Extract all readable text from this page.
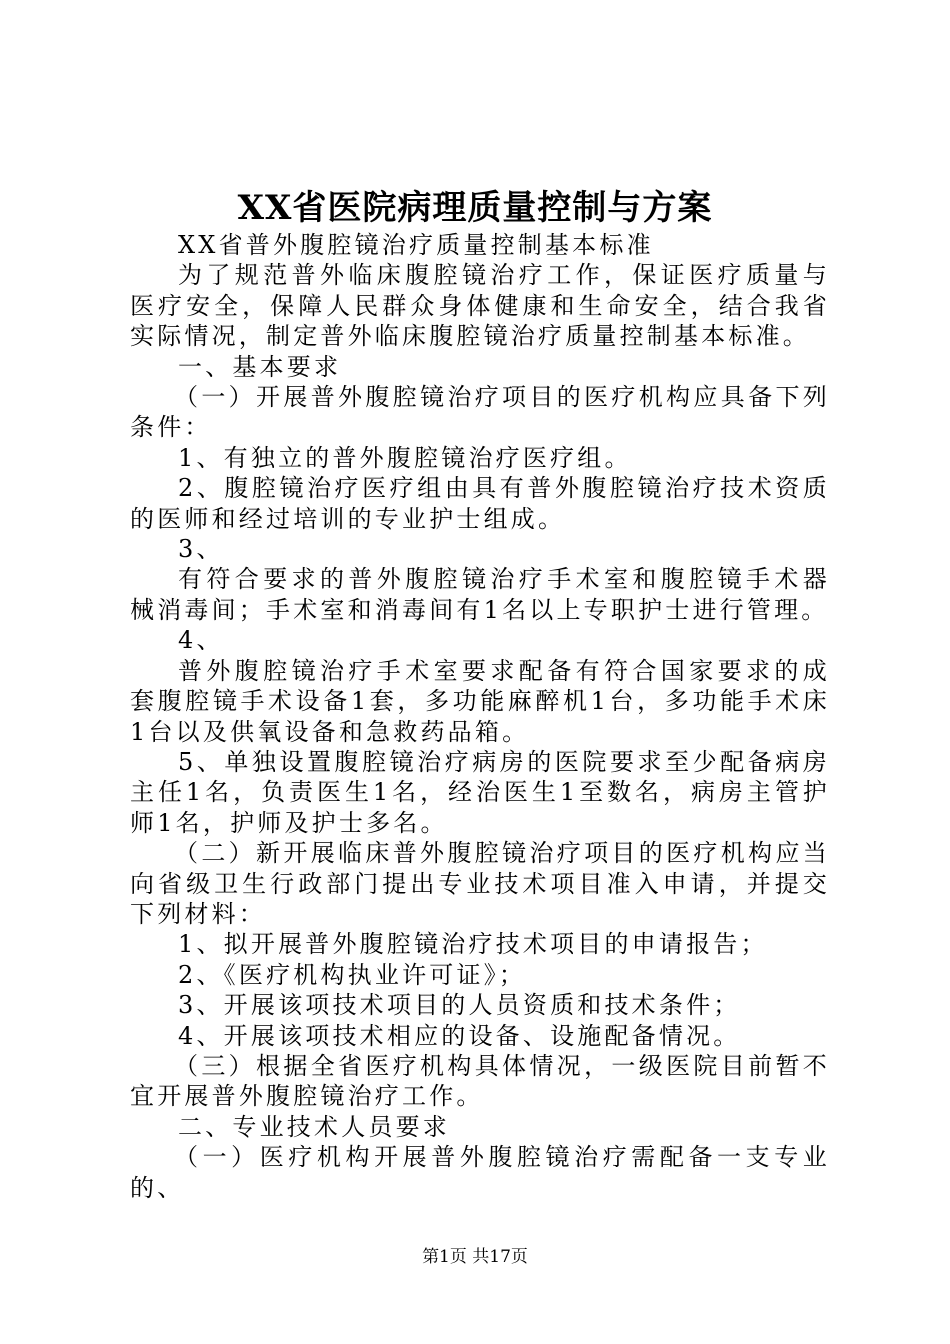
XX省医院病理质量控制与方案

XX省普外腹腔镜治疗质量控制基本标准

为了规范普外临床腹腔镜治疗工作，保证医疗质量与医疗安全，保障人民群众身体健康和生命安全，结合我省实际情况，制定普外临床腹腔镜治疗质量控制基本标准。

一、基本要求

（一）开展普外腹腔镜治疗项目的医疗机构应具备下列条件：

1、有独立的普外腹腔镜治疗医疗组。

2、腹腔镜治疗医疗组由具有普外腹腔镜治疗技术资质的医师和经过培训的专业护士组成。

3、

有符合要求的普外腹腔镜治疗手术室和腹腔镜手术器械消毒间；手术室和消毒间有1名以上专职护士进行管理。

4、

普外腹腔镜治疗手术室要求配备有符合国家要求的成套腹腔镜手术设备1套，多功能麻醉机1台，多功能手术床1台以及供氧设备和急救药品箱。

5、单独设置腹腔镜治疗病房的医院要求至少配备病房主任1名，负责医生1名，经治医生1至数名，病房主管护师1名，护师及护士多名。

（二）新开展临床普外腹腔镜治疗项目的医疗机构应当向省级卫生行政部门提出专业技术项目准入申请，并提交下列材料：

1、拟开展普外腹腔镜治疗技术项目的申请报告；

2、《医疗机构执业许可证》；

3、开展该项技术项目的人员资质和技术条件；

4、开展该项技术相应的设备、设施配备情况。

（三）根据全省医疗机构具体情况，一级医院目前暂不宜开展普外腹腔镜治疗工作。

二、专业技术人员要求

（一）医疗机构开展普外腹腔镜治疗需配备一支专业的、

第1页 共17页
